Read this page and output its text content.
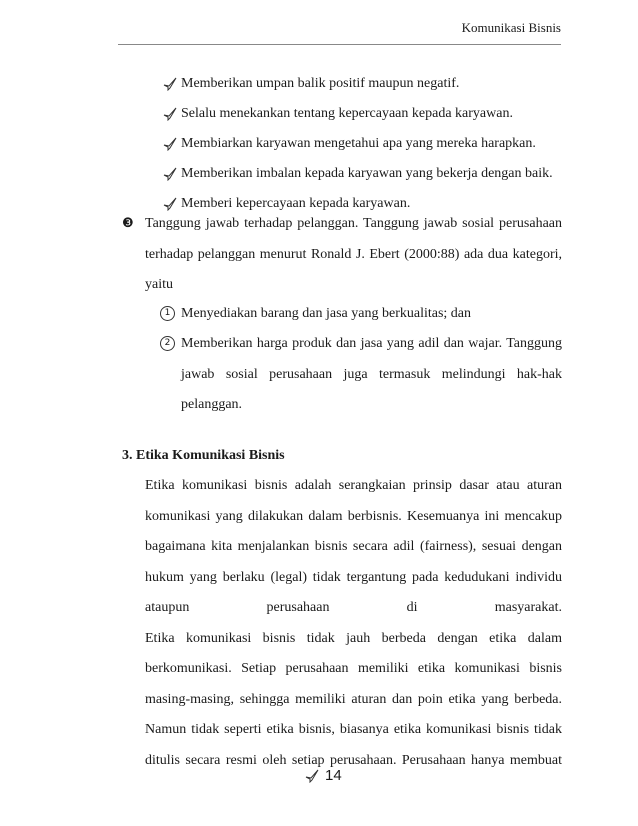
Komunikasi Bisnis
Memberikan umpan balik positif maupun negatif.
Selalu menekankan tentang kepercayaan kepada karyawan.
Membiarkan karyawan mengetahui apa yang mereka harapkan.
Memberikan imbalan kepada karyawan yang bekerja dengan baik.
Memberi kepercayaan kepada karyawan.
❸ Tanggung jawab terhadap pelanggan. Tanggung jawab sosial perusahaan
terhadap pelanggan menurut Ronald J. Ebert (2000:88) ada dua kategori,
yaitu
1 Menyediakan barang dan jasa yang berkualitas; dan
2 Memberikan harga produk dan jasa yang adil dan wajar. Tanggung
jawab sosial perusahaan juga termasuk melindungi hak-hak
pelanggan.
3. Etika Komunikasi Bisnis
Etika komunikasi bisnis adalah serangkaian prinsip dasar atau aturan
komunikasi yang dilakukan dalam berbisnis. Kesemuanya ini mencakup
bagaimana kita menjalankan bisnis secara adil (fairness), sesuai dengan
hukum yang berlaku (legal) tidak tergantung pada kedudukani individu
ataupun perusahaan di masyarakat.
Etika komunikasi bisnis tidak jauh berbeda dengan etika dalam
berkomunikasi. Setiap perusahaan memiliki etika komunikasi bisnis
masing-masing, sehingga memiliki aturan dan poin etika yang berbeda.
Namun tidak seperti etika bisnis, biasanya etika komunikasi bisnis tidak
ditulis secara resmi oleh setiap perusahaan. Perusahaan hanya membuat
14
